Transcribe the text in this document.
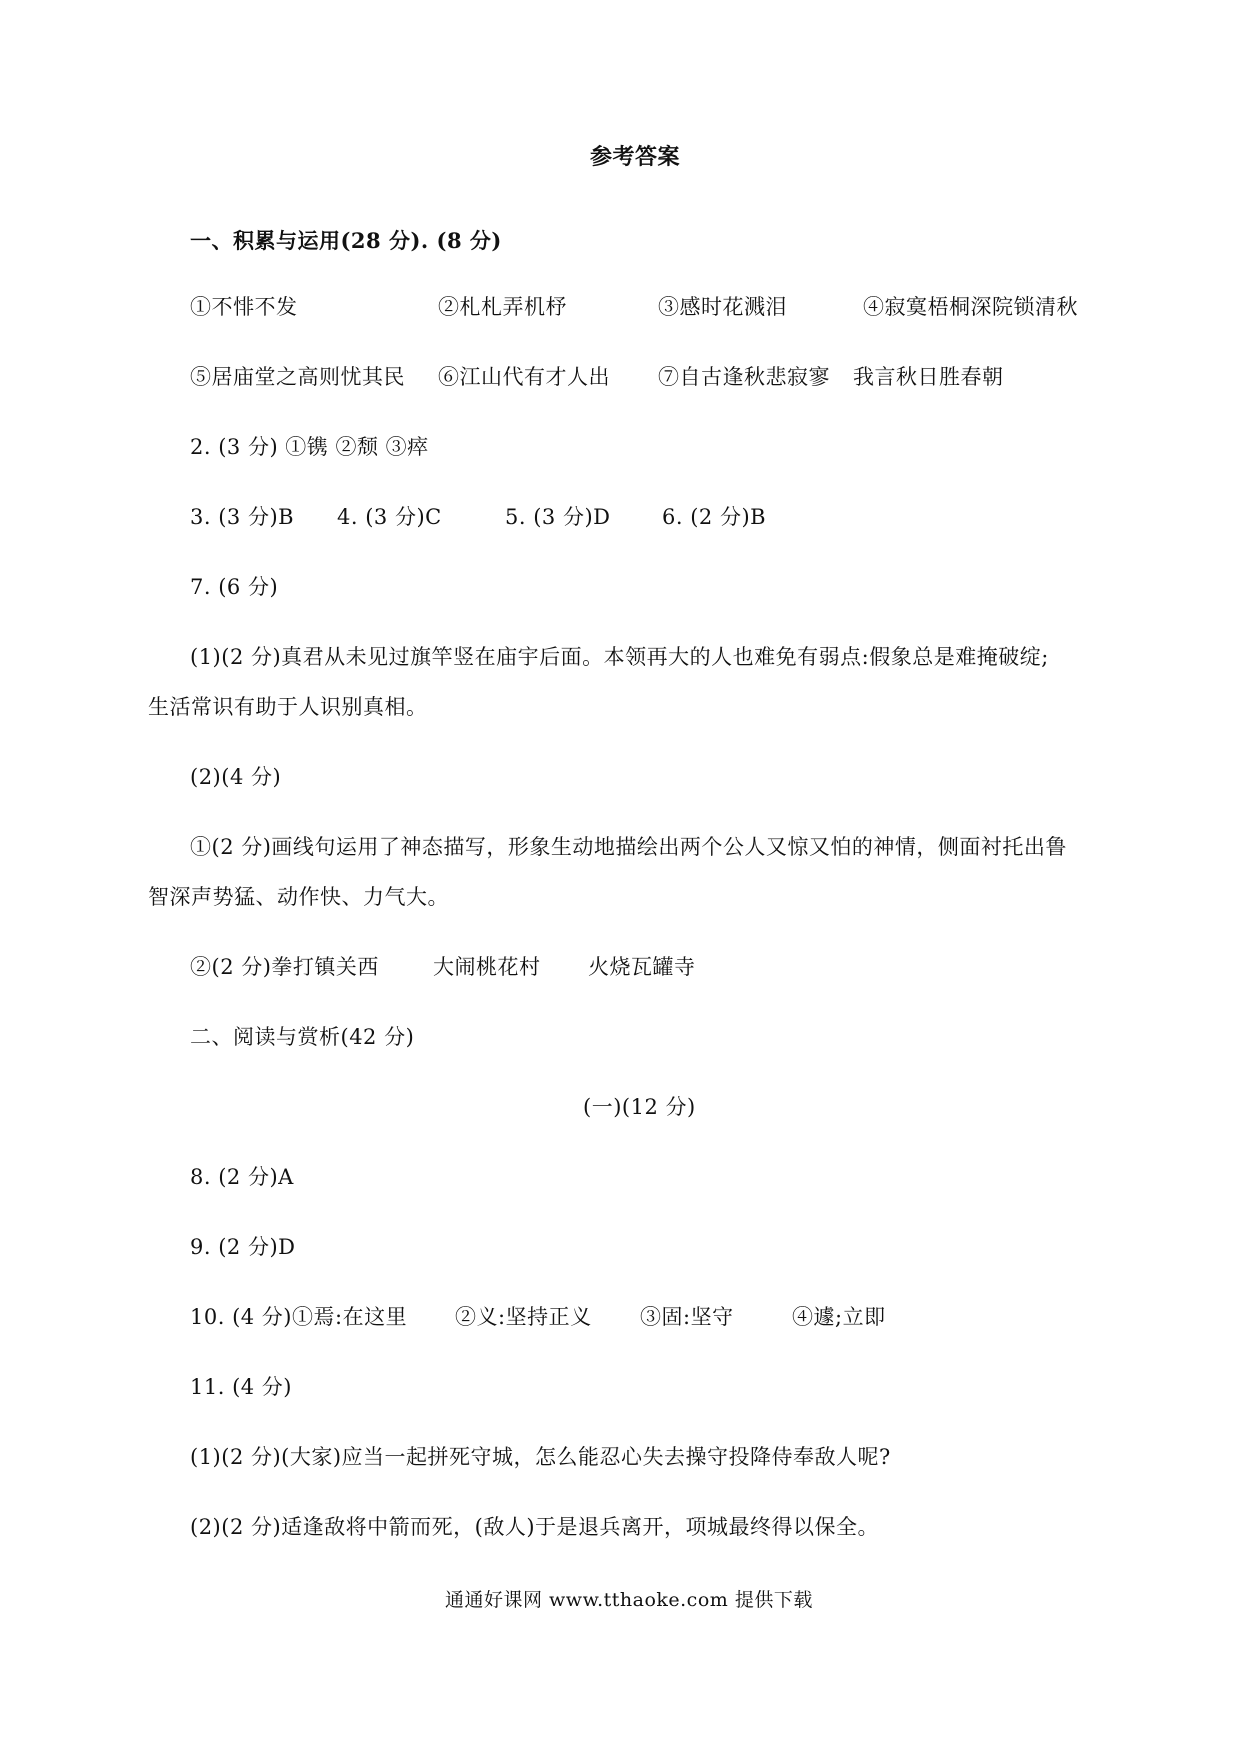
参考答案
一、积累与运用(28 分). (8 分)
①不悱不发	②札札弄机杼	③感时花溅泪	④寂寞梧桐深院锁清秋
⑤居庙堂之高则忧其民 ⑥江山代有才人出 ⑦自古逢秋悲寂寥 我言秋日胜春朝
2. (3 分) ①镌 ②颓 ③瘁
3. (3 分)B 4. (3 分)C	5. (3 分)D 6. (2 分)B
7. (6 分)
(1)(2 分)真君从未见过旗竿竖在庙宇后面。本领再大的人也难免有弱点:假象总是难掩破绽;
生活常识有助于人识别真相。
(2)(4 分)
①(2 分)画线句运用了神态描写，形象生动地描绘出两个公人又惊又怕的神情，侧面衬托出鲁
智深声势猛、动作快、力气大。
②(2 分)拳打镇关西	大闹桃花村 火烧瓦罐寺
二、阅读与赏析(42 分)
(一)(12 分)
8. (2 分)A
9. (2 分)D
10. (4 分)①焉:在这里 ②义:坚持正义 ③固:坚守	④遽;立即
11. (4 分)
(1)(2 分)(大家)应当一起拼死守城，怎么能忍心失去操守投降侍奉敌人呢?
(2)(2 分)适逢敌将中箭而死，(敌人)于是退兵离开，项城最终得以保全。
通通好课网 www.tthaoke.com 提供下载
